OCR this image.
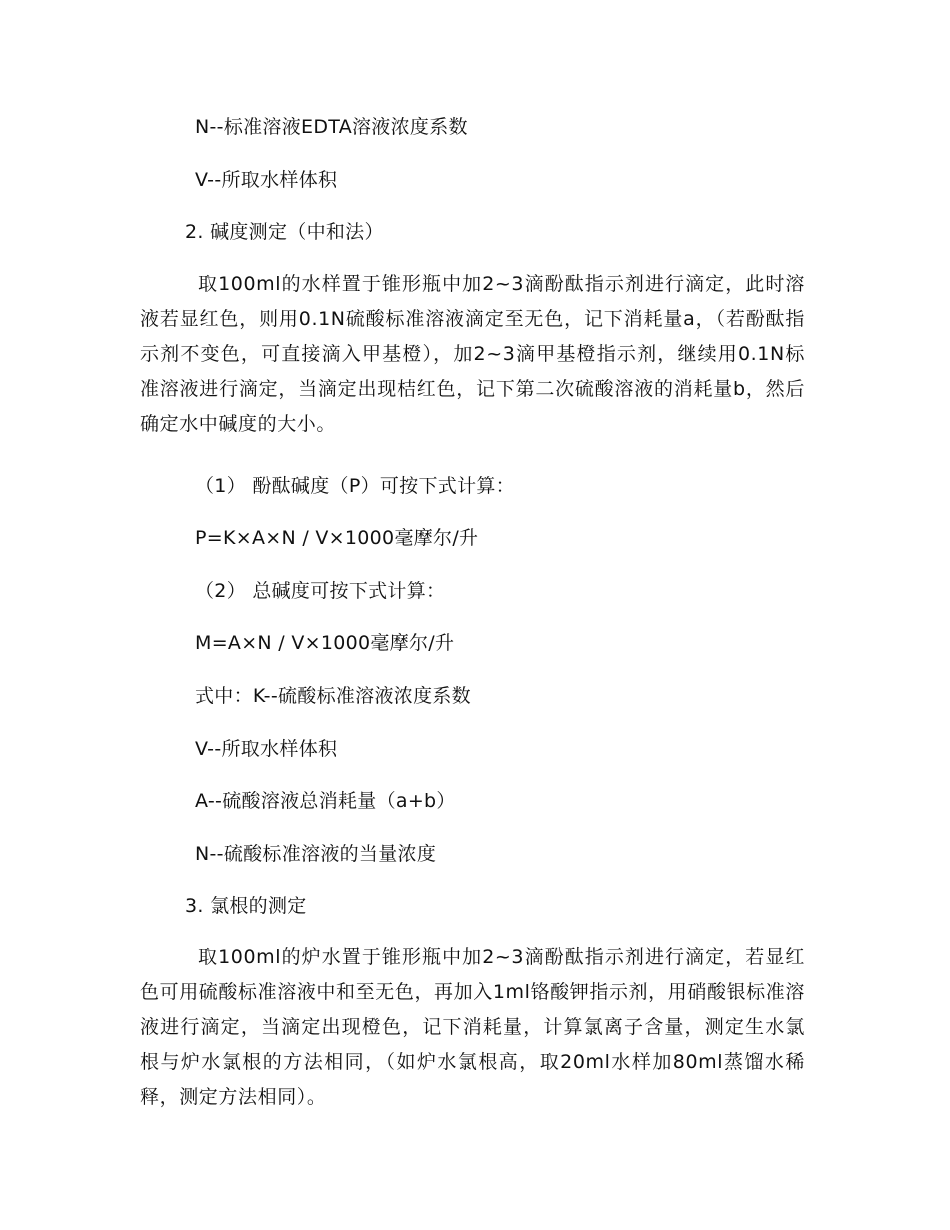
N--标准溶液EDTA溶液浓度系数
V--所取水样体积
2. 碱度测定（中和法）
取100ml的水样置于锥形瓶中加2~3滴酚酞指示剂进行滴定，此时溶液若显红色，则用0.1N硫酸标准溶液滴定至无色，记下消耗量a，（若酚酞指示剂不变色，可直接滴入甲基橙），加2~3滴甲基橙指示剂，继续用0.1N标准溶液进行滴定，当滴定出现桔红色，记下第二次硫酸溶液的消耗量b，然后确定水中碱度的大小。
（1） 酚酞碱度（P）可按下式计算：
P=K×A×N / V×1000毫摩尔/升
（2） 总碱度可按下式计算：
M=A×N / V×1000毫摩尔/升
式中：K--硫酸标准溶液浓度系数
V--所取水样体积
A--硫酸溶液总消耗量（a+b）
N--硫酸标准溶液的当量浓度
3. 氯根的测定
取100ml的炉水置于锥形瓶中加2~3滴酚酞指示剂进行滴定，若显红色可用硫酸标准溶液中和至无色，再加入1ml铬酸钾指示剂，用硝酸银标准溶液进行滴定，当滴定出现橙色，记下消耗量，计算氯离子含量，测定生水氯根与炉水氯根的方法相同，（如炉水氯根高，取20ml水样加80ml蒸馏水稀释，测定方法相同）。
